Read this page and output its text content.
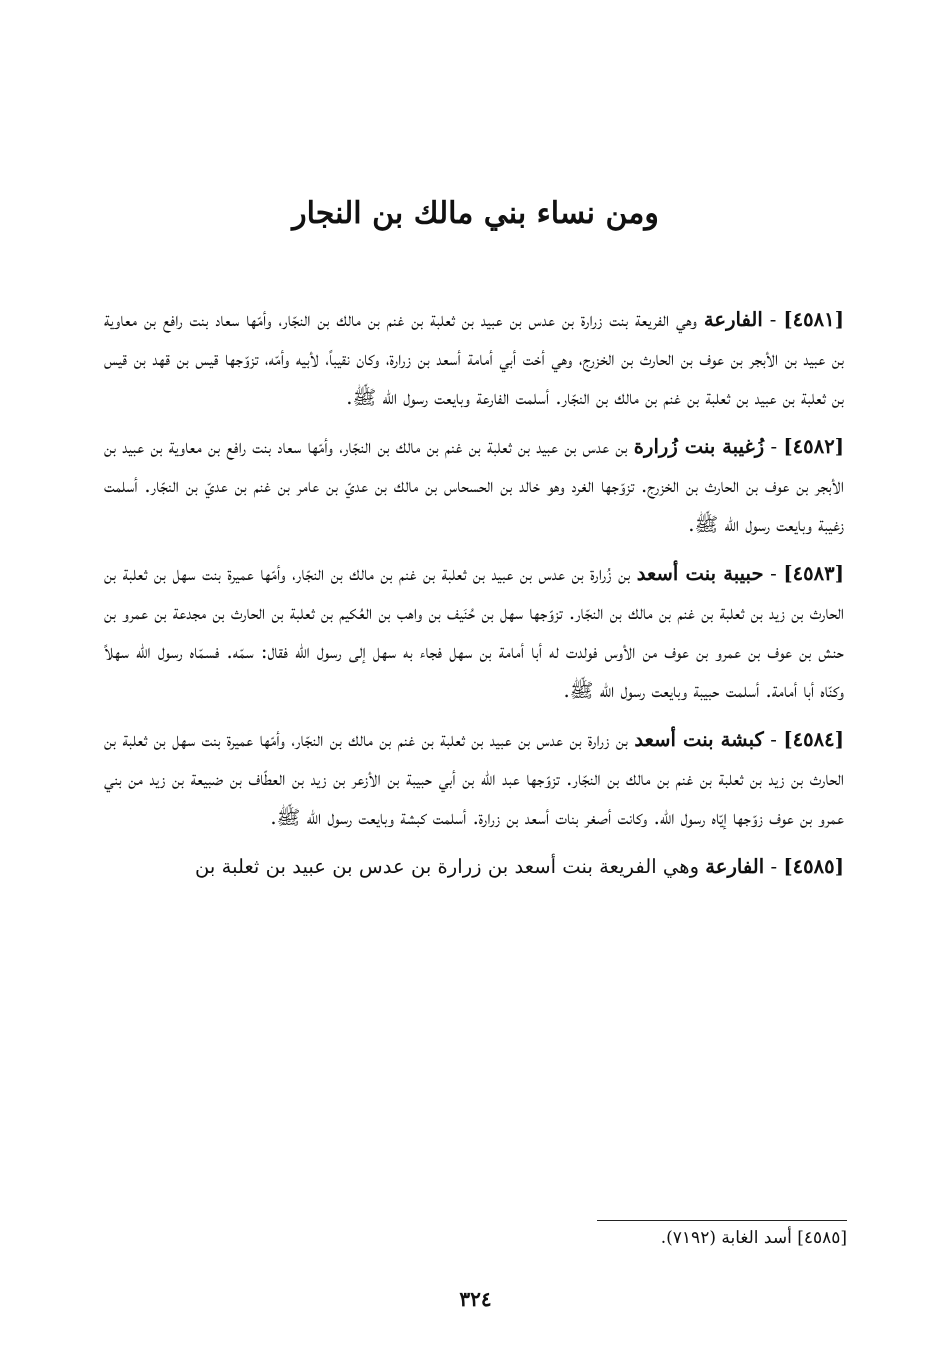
ومن نساء بني مالك بن النجار

[٤٥٨١] - الفارعة وهي الفريعة بنت زرارة بن عدس بن عبيد بن ثعلبة بن غنم بن مالك بن النجّار، وأمّها سعاد بنت رافع بن معاوية بن عبيد بن الأبجر بن عوف بن الحارث بن الخزرج، وهي أخت أبي أمامة أسعد بن زرارة، وكان نقيباً، لأبيه وأمّه، تزوّجها قيس بن قهد بن قيس بن ثعلبة بن عبيد بن ثعلبة بن غنم بن مالك بن النجّار. أسلمت الفارعة وبايعت رسول الله ﷺ.

[٤٥٨٢] - زُغيبة بنت زُرارة بن عدس بن عبيد بن ثعلبة بن غنم بن مالك بن النجّار، وأمّها سعاد بنت رافع بن معاوية بن عبيد بن الأبجر بن عوف بن الحارث بن الخزرج. تزوّجها الغرد وهو خالد بن الحسحاس بن مالك بن عديّ بن عامر بن غنم بن عديّ بن النجّار. أسلمت زغيبة وبايعت رسول الله ﷺ.

[٤٥٨٣] - حبيبة بنت أسعد بن زُرارة بن عدس بن عبيد بن ثعلبة بن غنم بن مالك بن النجّار، وأمّها عميرة بنت سهل بن ثعلبة بن الحارث بن زيد بن ثعلبة بن غنم بن مالك بن النجّار. تزوّجها سهل بن حُنَيف بن واهب بن العُكيم بن ثعلبة بن الحارث بن مجدعة بن عمرو بن حنش بن عوف بن عمرو بن عوف من الأوس فولدت له أبا أمامة بن سهل فجاء به سهل إلى رسول الله فقال: سمّه. فسمّاه رسول الله سهلاً وكنّاه أبا أمامة. أسلمت حبيبة وبايعت رسول الله ﷺ.

[٤٥٨٤] - كبشة بنت أسعد بن زرارة بن عدس بن عبيد بن ثعلبة بن غنم بن مالك بن النجّار، وأمّها عميرة بنت سهل بن ثعلبة بن الحارث بن زيد بن ثعلبة بن غنم بن مالك بن النجّار. تزوّجها عبد الله بن أبي حبيبة بن الأزعر بن زيد بن العطّاف بن ضبيعة بن زيد من بني عمرو بن عوف زوّجها إيّاه رسول الله. وكانت أصغر بنات أسعد بن زرارة. أسلمت كبشة وبايعت رسول الله ﷺ.

[٤٥٨٥] - الفارعة وهي الفريعة بنت أسعد بن زرارة بن عدس بن عبيد بن ثعلبة بن

[٤٥٨٥] أسد الغابة (٧١٩٢).

٣٢٤
